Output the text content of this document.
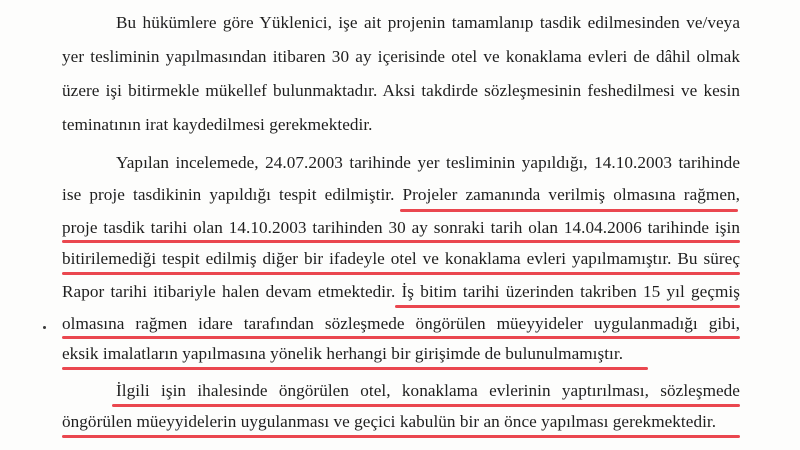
Bu hükümlere göre Yüklenici, işe ait projenin tamamlanıp tasdik edilmesinden ve/veya
yer tesliminin yapılmasından itibaren 30 ay içerisinde otel ve konaklama evleri de dâhil olmak
üzere işi bitirmekle mükellef bulunmaktadır. Aksi takdirde sözleşmesinin feshedilmesi ve kesin
teminatının irat kaydedilmesi gerekmektedir.
Yapılan incelemede, 24.07.2003 tarihinde yer tesliminin yapıldığı, 14.10.2003 tarihinde
ise proje tasdikinin yapıldığı tespit edilmiştir. Projeler zamanında verilmiş olmasına rağmen,
proje tasdik tarihi olan 14.10.2003 tarihinden 30 ay sonraki tarih olan 14.04.2006 tarihinde işin
bitirilemediği tespit edilmiş diğer bir ifadeyle otel ve konaklama evleri yapılmamıştır. Bu süreç
Rapor tarihi itibariyle halen devam etmektedir. İş bitim tarihi üzerinden takriben 15 yıl geçmiş
olmasına rağmen idare tarafından sözleşmede öngörülen müeyyideler uygulanmadığı gibi,
eksik imalatların yapılmasına yönelik herhangi bir girişimde de bulunulmamıştır.
İlgili işin ihalesinde öngörülen otel, konaklama evlerinin yaptırılması, sözleşmede
öngörülen müeyyidelerin uygulanması ve geçici kabulün bir an önce yapılması gerekmektedir.
